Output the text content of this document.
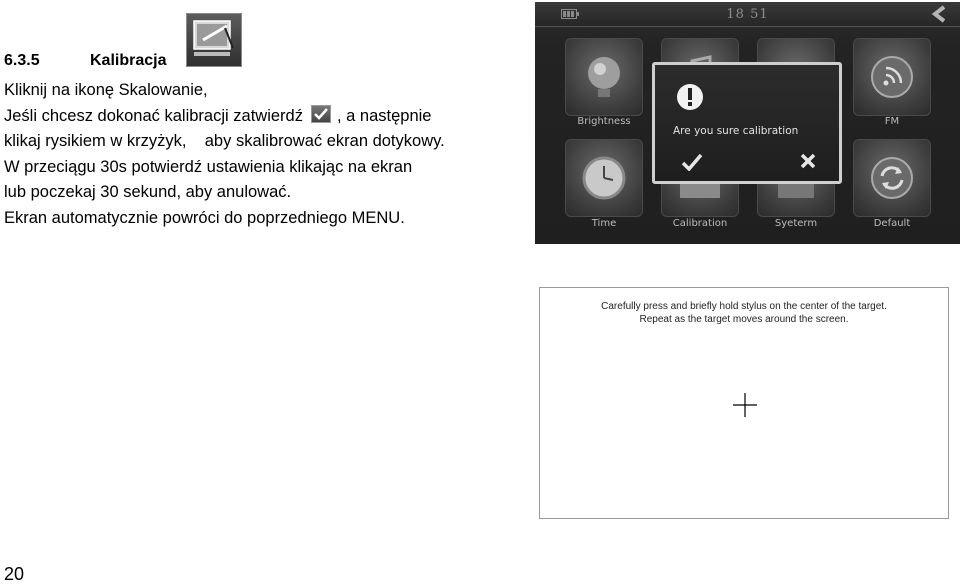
6.3.5	Kalibracja

Kliknij na ikonę Skalowanie,

Jeśli chcesz dokonać kalibracji zatwierdź , a następnie

klikaj rysikiem w krzyżyk,    aby skalibrować ekran dotykowy.

W przeciągu 30s potwierdź ustawienia klikając na ekran

lub poczekaj 30 sekund, aby anulować.

Ekran automatycznie powróci do poprzedniego MENU.

20
18 51
Brightness	FM
Time	Calibration	Syeterm	Default
Are you sure calibration

Carefully press and briefly hold stylus on the center of the target.

Repeat as the target moves around the screen.
